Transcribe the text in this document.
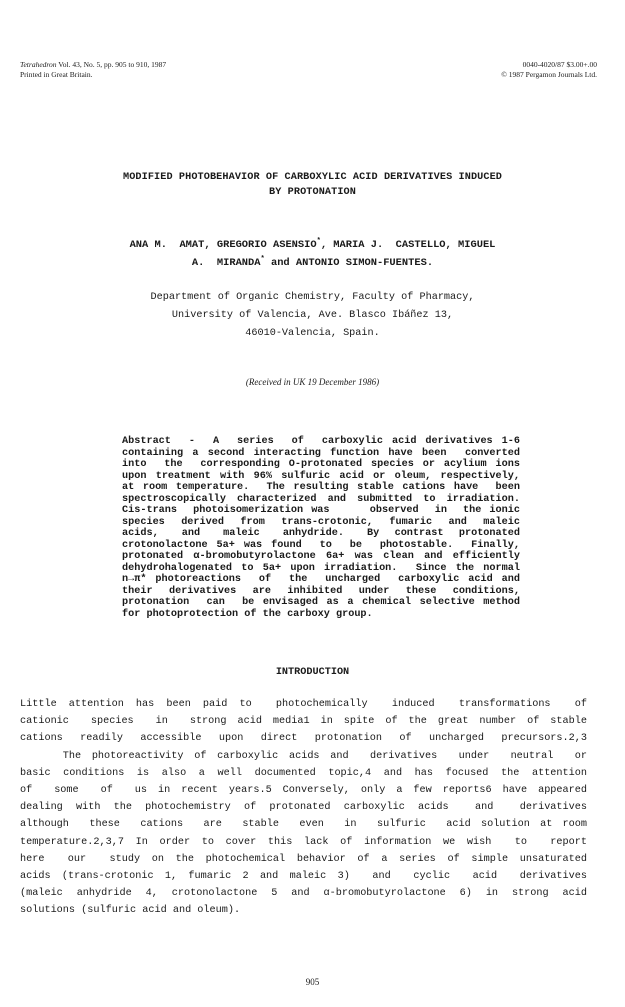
Tetrahedron Vol. 43, No. 5, pp. 905 to 910, 1987
Printed in Great Britain.
0040-4020/87 $3.00+.00
© 1987 Pergamon Journals Ltd.
MODIFIED PHOTOBEHAVIOR OF CARBOXYLIC ACID DERIVATIVES INDUCED
BY PROTONATION
ANA M.  AMAT, GREGORIO ASENSIO*, MARIA J.  CASTELLO, MIGUEL
A.  MIRANDA* and ANTONIO SIMON-FUENTES.
Department of Organic Chemistry, Faculty of Pharmacy,
University of Valencia, Ave. Blasco Ibáñez 13,
46010-Valencia, Spain.
(Received in UK 19 December 1986)
Abstract  -  A  series  of  carboxylic acid derivatives 1-6
containing a second interacting function have been  converted
into  the  corresponding O-protonated species or acylium ions
upon treatment with 96% sulfuric acid or oleum, respectively,
at room temperature.  The resulting stable cations have  been
spectroscopically characterized and submitted to irradiation.
Cis-trans  photoisomerization was     observed  in  the ionic
species  derived  from  trans-crotonic,  fumaric  and  maleic
acids,   and   maleic   anhydride.   By  contrast  protonated
crotonolactone 5a+ was found  to  be  photostable.  Finally,
protonated α-bromobutyrolactone 6a+ was clean and efficiently
dehydrohalogenated to 5a+ upon irradiation.  Since the normal
n→π* photoreactions  of  the  uncharged  carboxylic acid and
their  derivatives  are  inhibited  under  these  conditions,
protonation  can  be envisaged as a chemical selective method
for photoprotection of the carboxy group.
INTRODUCTION
Little attention has been paid to  photochemically  induced  transformations  of
cationic  species  in  strong acid media1 in spite of the great number of stable
cations readily accessible upon direct protonation of uncharged precursors.2,3
The photoreactivity of carboxylic acids and  derivatives  under  neutral  or
basic conditions is also a well documented topic,4 and has focused the attention
of  some  of  us in recent years.5 Conversely, only a few reports6 have appeared
dealing with the photochemistry of protonated carboxylic acids  and  derivatives
although  these  cations  are  stable  even  in  sulfuric  acid solution at room
temperature.2,3,7 In order to cover this lack of information we wish  to  report
here  our  study on the photochemical behavior of a series of simple unsaturated
acids (trans-crotonic 1, fumaric 2 and maleic 3)  and  cyclic  acid  derivatives
(maleic anhydride 4, crotonolactone 5 and α-bromobutyrolactone 6) in strong acid
solutions (sulfuric acid and oleum).
905
